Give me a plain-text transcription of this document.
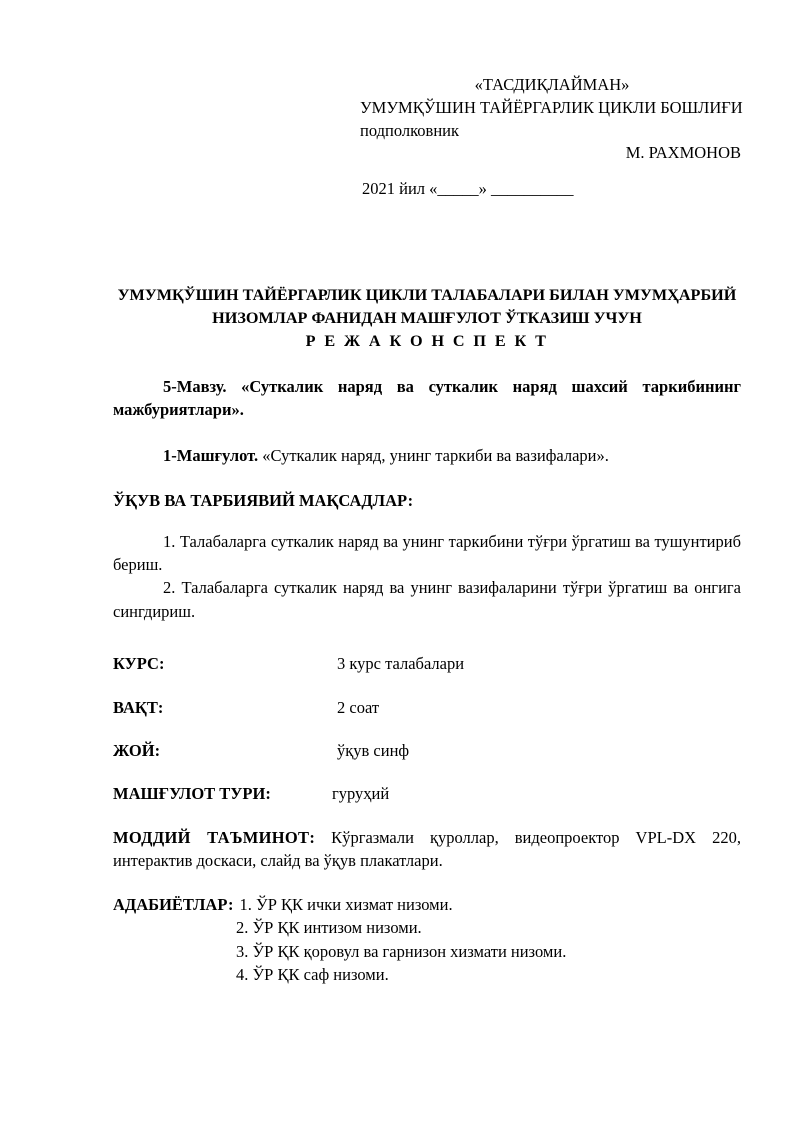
«ТАСДИҚЛАЙМАН»
УМУМҚЎШИН ТАЙЁРГАРЛИК ЦИКЛИ БОШЛИҒИ
подполковник
М. РАХМОНОВ
2021 йил «_____» __________
УМУМҚЎШИН ТАЙЁРГАРЛИК ЦИКЛИ ТАЛАБАЛАРИ БИЛАН УМУМҲАРБИЙ
НИЗОМЛАР ФАНИДАН МАШҒУЛОТ ЎТКАЗИШ УЧУН
Р Е Ж А К О Н С П Е К Т
5-Мавзу. «Суткалик наряд ва суткалик наряд шахсий таркибининг мажбуриятлари».
1-Машғулот. «Суткалик наряд, унинг таркиби ва вазифалари».
ЎҚУВ ВА ТАРБИЯВИЙ МАҚСАДЛАР:
1. Талабаларга суткалик наряд ва унинг таркибини тўғри ўргатиш ва тушунтириб бериш.
2. Талабаларга суткалик наряд ва унинг вазифаларини тўғри ўргатиш ва онгига сингдириш.
КУРС:	3 курс талабалари
ВАҚТ:	2 соат
ЖОЙ:	ўқув синф
МАШҒУЛОТ ТУРИ:	гуруҳий
МОДДИЙ ТАЪМИНОТ: Кўргазмали қуроллар, видеопроектор VPL-DX 220, интерактив доскаси, слайд ва ўқув плакатлари.
АДАБИЁТЛАР: 1. ЎР ҚК ички хизмат низоми.
2. ЎР ҚК интизом низоми.
3. ЎР ҚК қоровул ва гарнизон хизмати низоми.
4. ЎР ҚК саф низоми.
